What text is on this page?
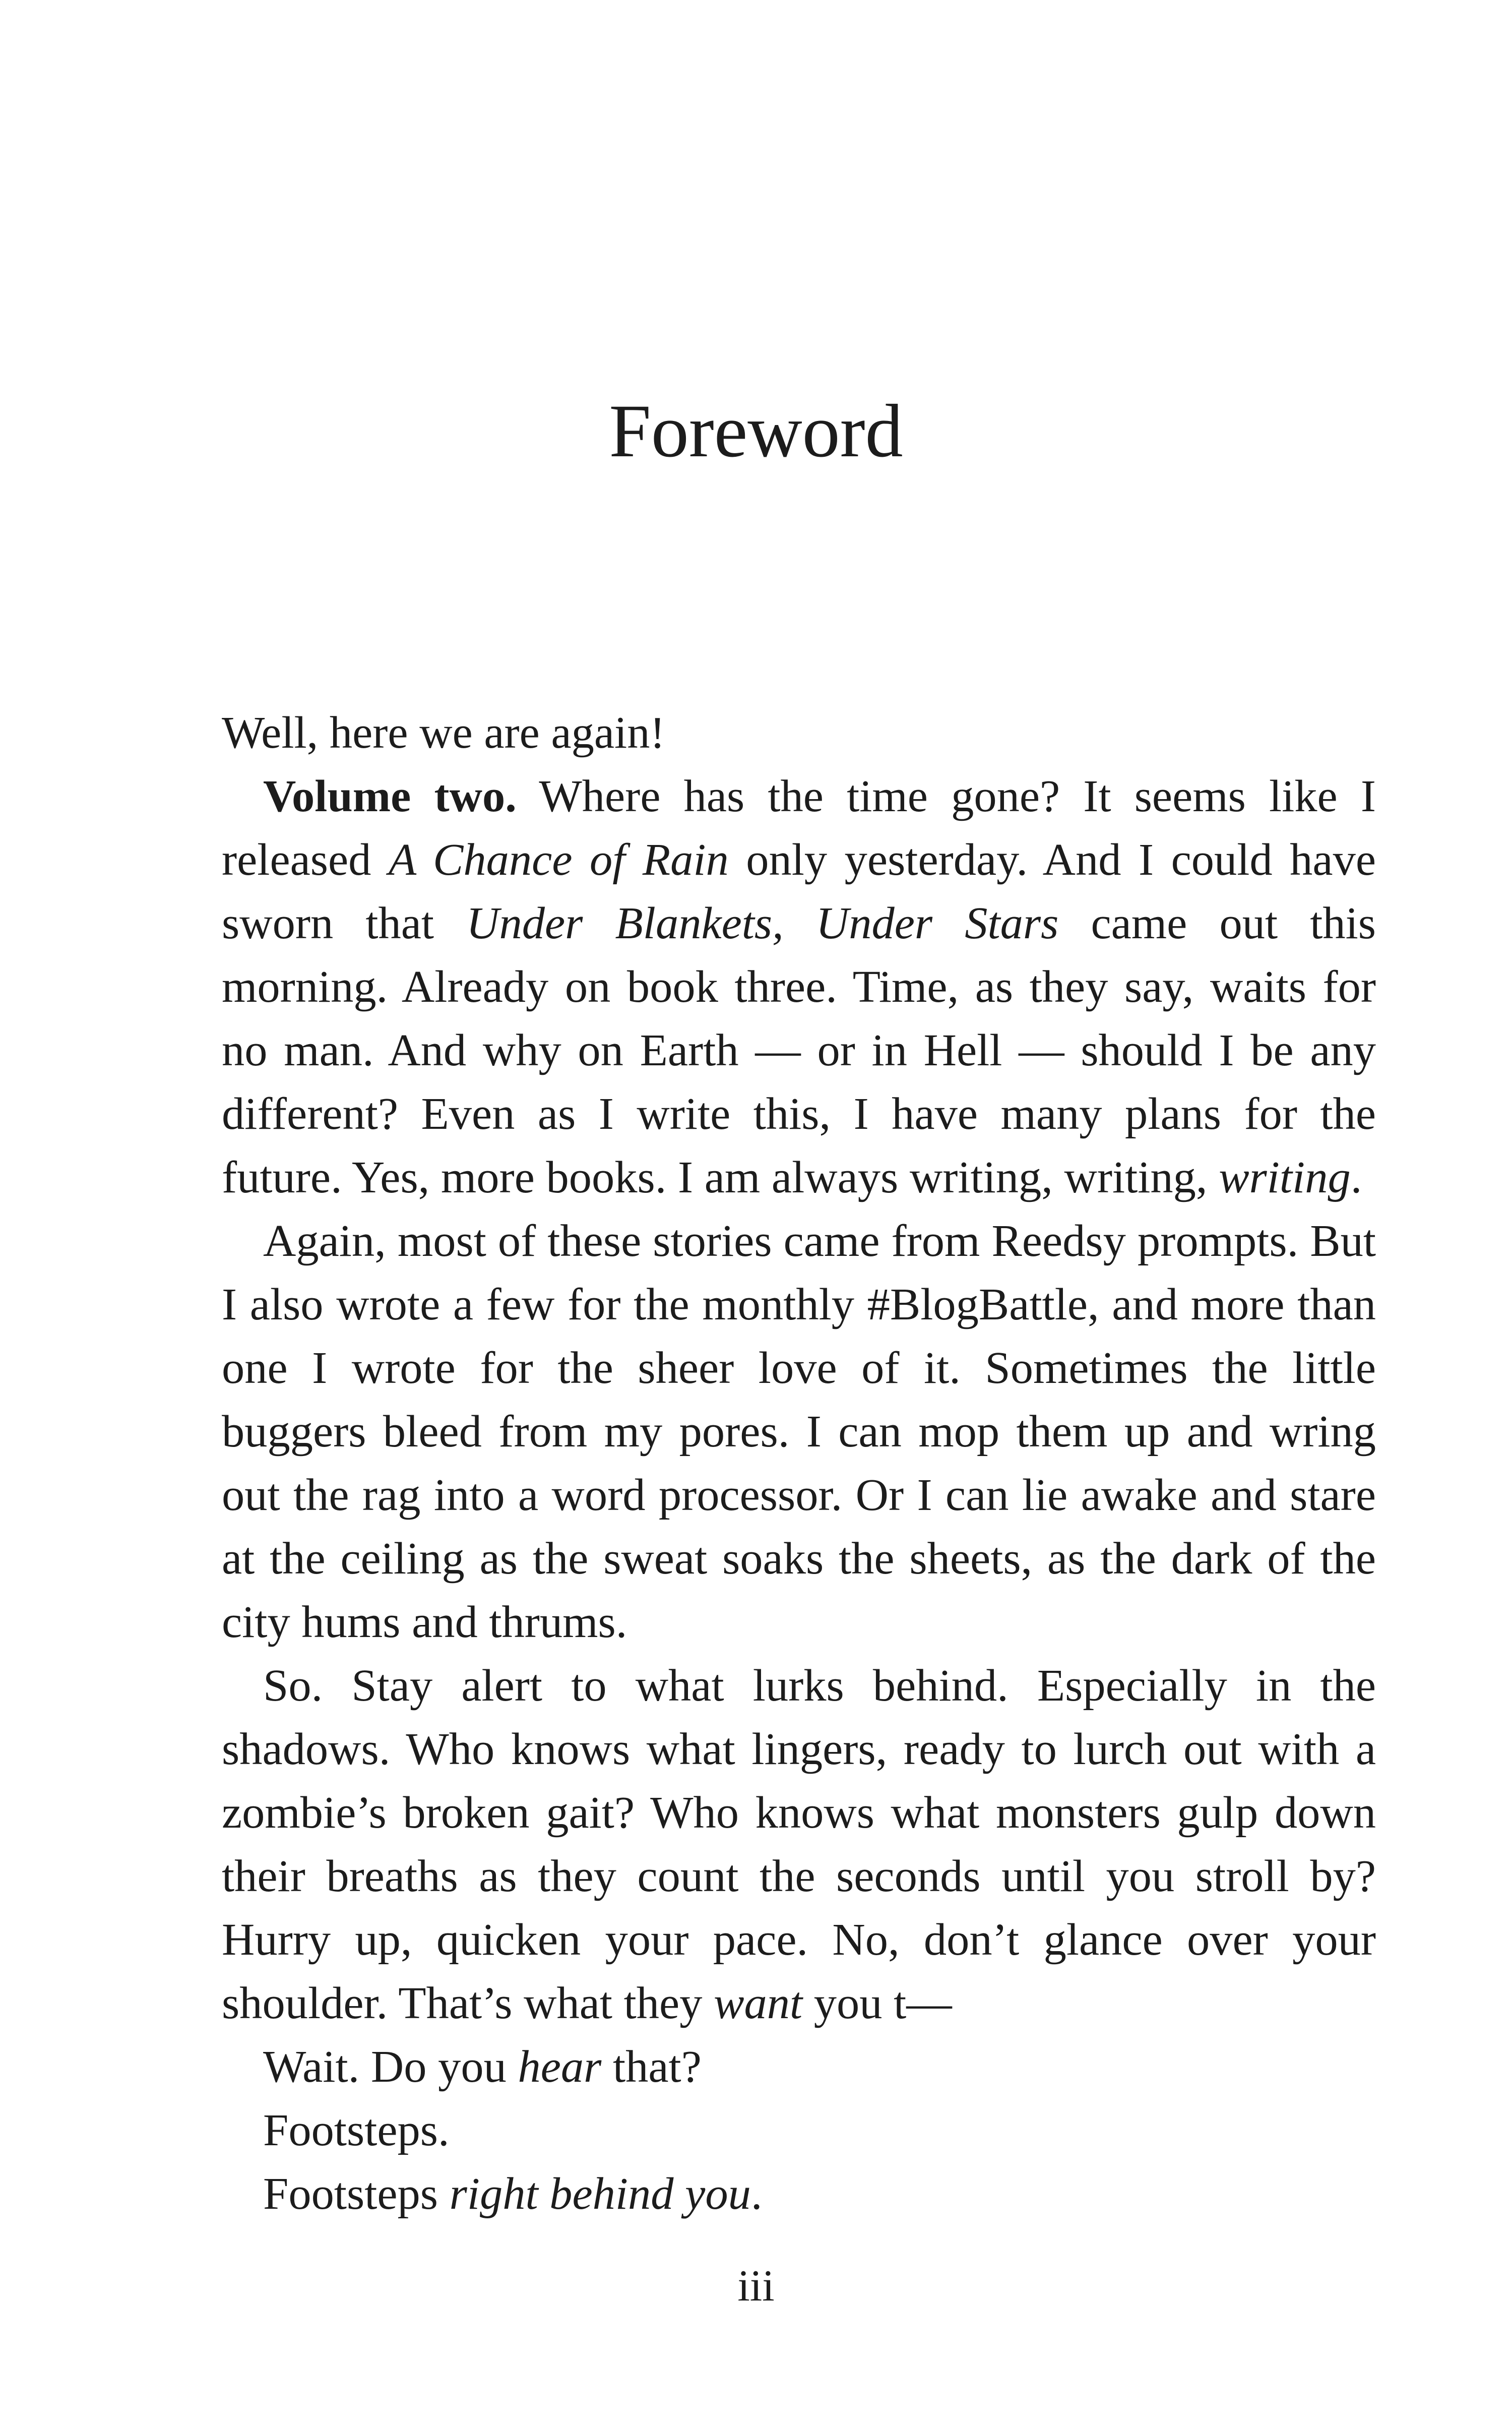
Foreword

Well, here we are again!

Volume two. Where has the time gone? It seems like I released A Chance of Rain only yesterday. And I could have sworn that Under Blankets, Under Stars came out this morning. Already on book three. Time, as they say, waits for no man. And why on Earth — or in Hell — should I be any different? Even as I write this, I have many plans for the future. Yes, more books. I am always writing, writing, writing.

Again, most of these stories came from Reedsy prompts. But I also wrote a few for the monthly #BlogBattle, and more than one I wrote for the sheer love of it. Sometimes the little buggers bleed from my pores. I can mop them up and wring out the rag into a word processor. Or I can lie awake and stare at the ceiling as the sweat soaks the sheets, as the dark of the city hums and thrums.

So. Stay alert to what lurks behind. Especially in the shadows. Who knows what lingers, ready to lurch out with a zombie’s broken gait? Who knows what monsters gulp down their breaths as they count the seconds until you stroll by? Hurry up, quicken your pace. No, don’t glance over your shoulder. That’s what they want you t—

Wait. Do you hear that?

Footsteps.

Footsteps right behind you.

iii
